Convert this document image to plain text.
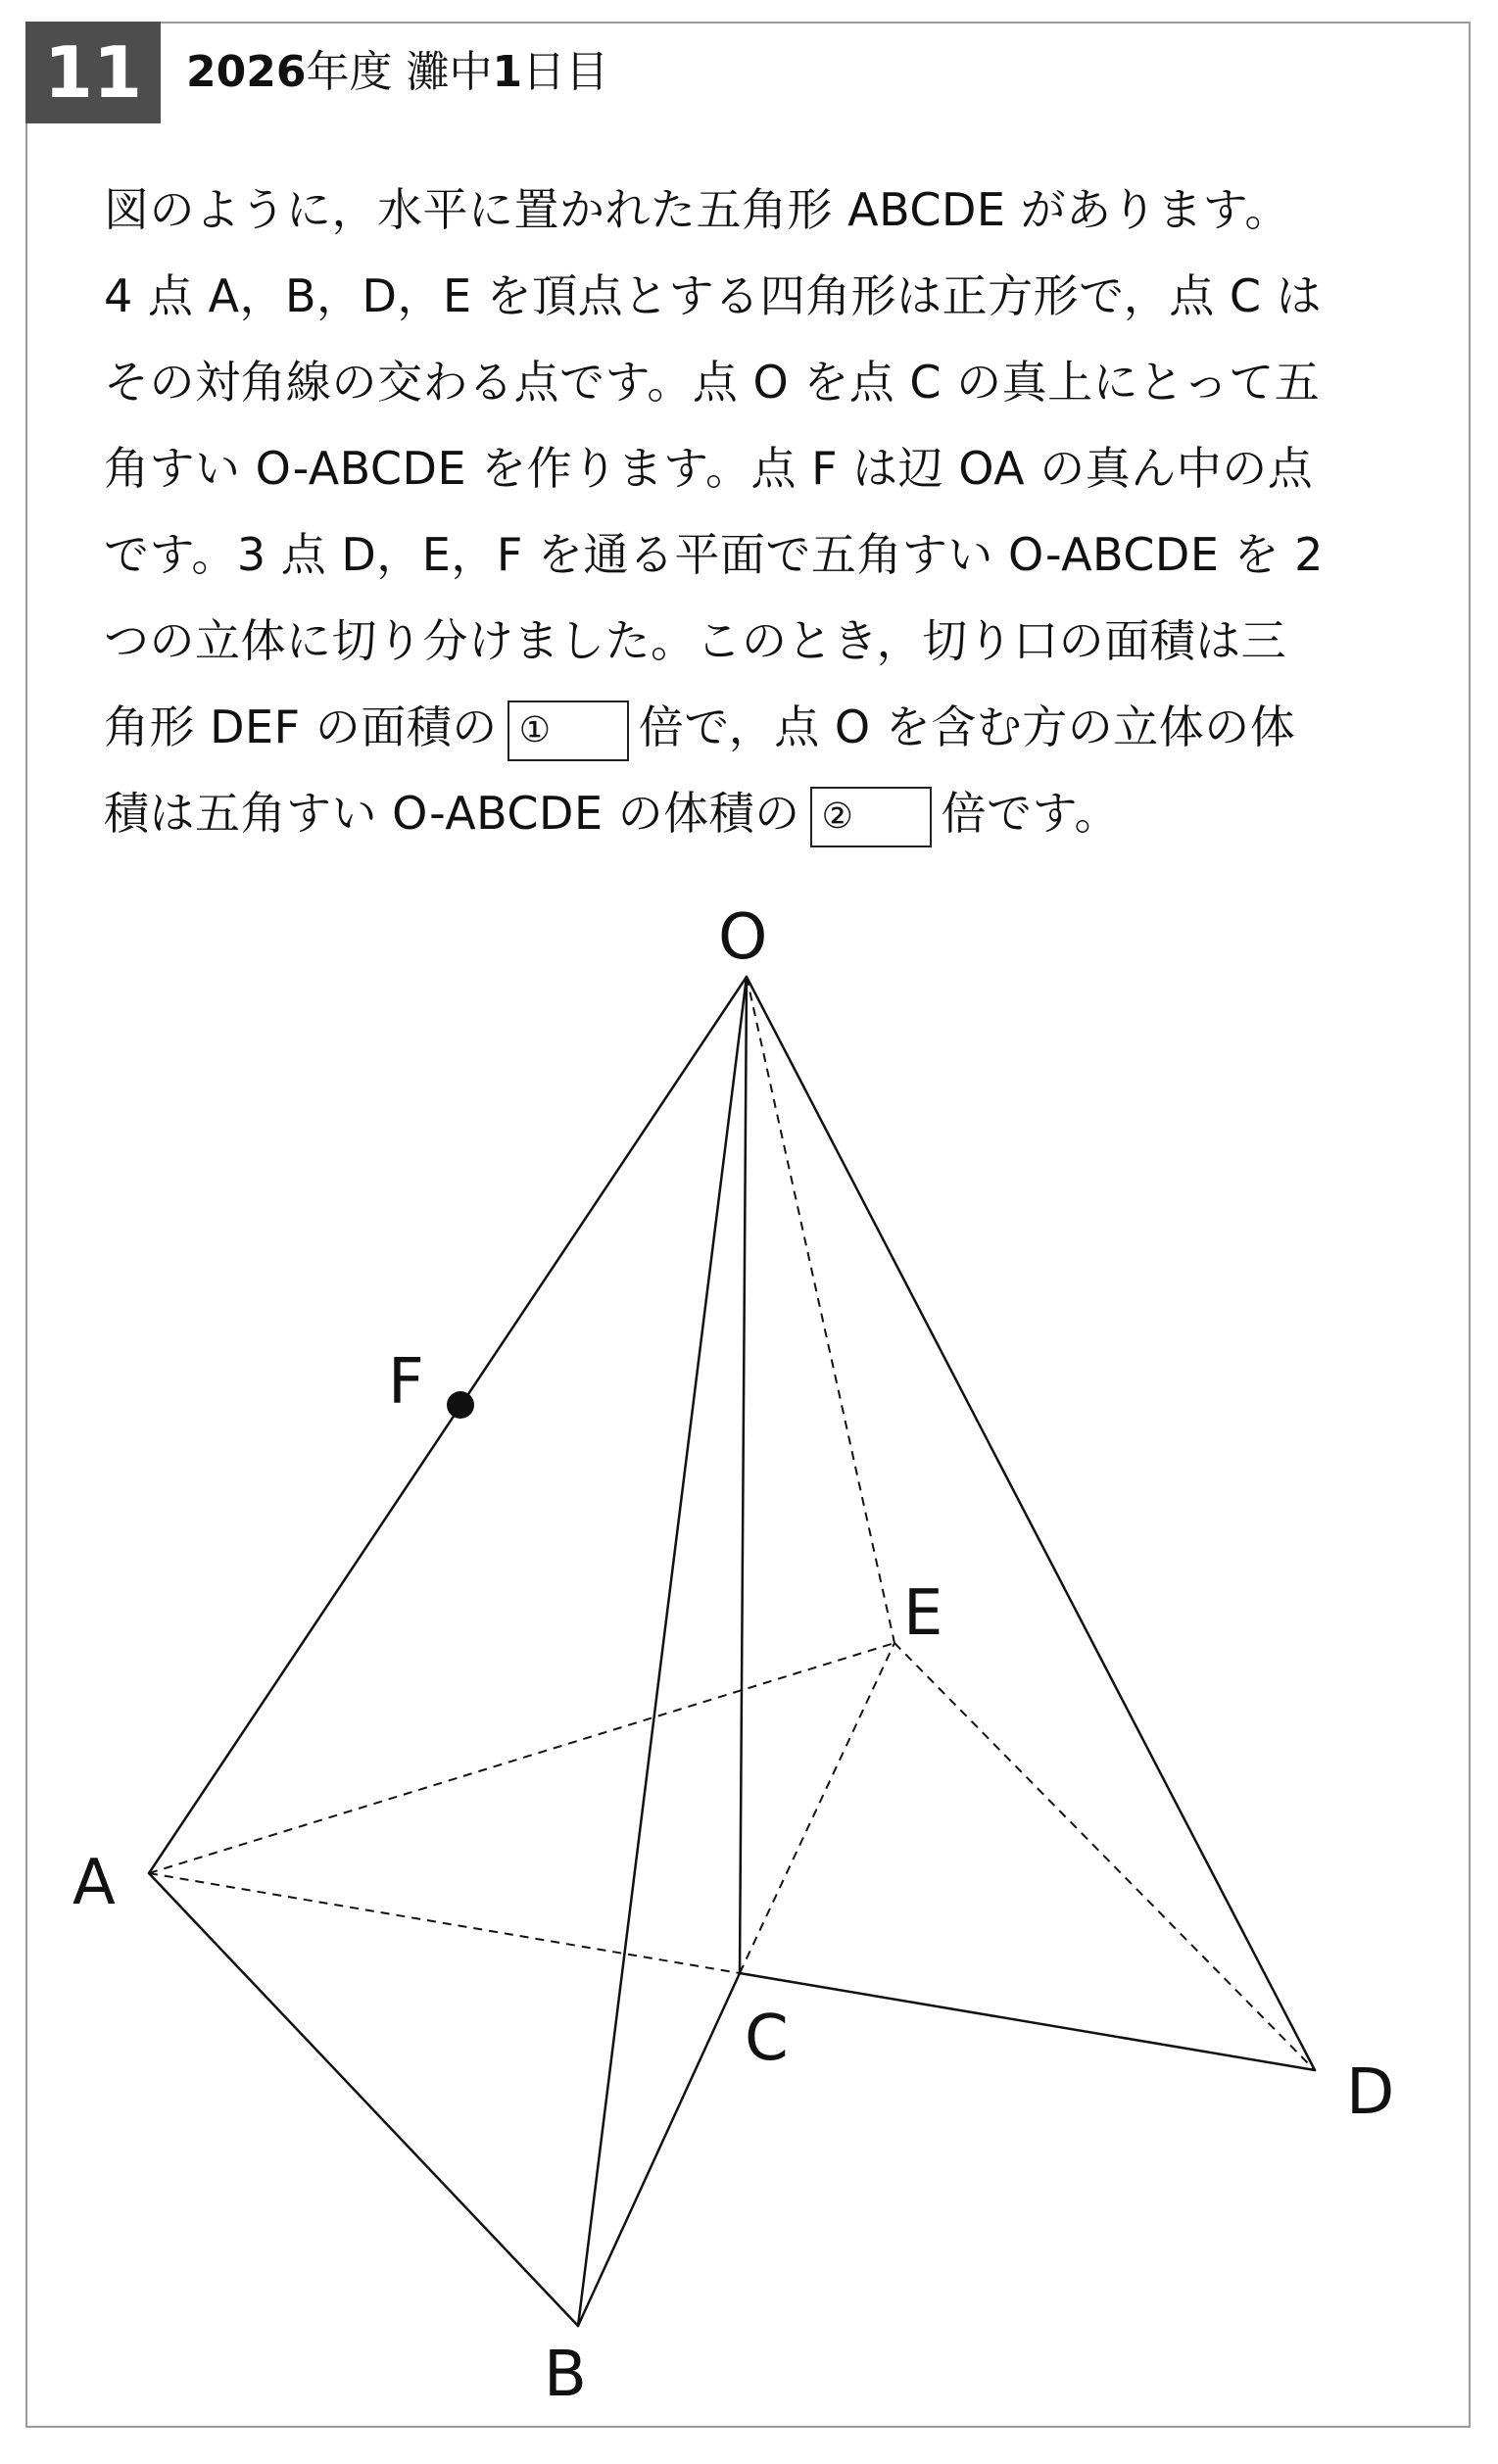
11	2026年度 灘中1日目
図のように，水平に置かれた五角形 ABCDE があります。
4 点 A，B，D，E を頂点とする四角形は正方形で，点 C は
その対角線の交わる点です。点 O を点 C の真上にとって五
角すい O-ABCDE を作ります。点 F は辺 OA の真ん中の点
です。3 点 D，E，F を通る平面で五角すい O-ABCDE を 2
つの立体に切り分けました。このとき，切り口の面積は三
角形 DEF の面積の ① 倍で，点 O を含む方の立体の体
積は五角すい O-ABCDE の体積の ② 倍です。
O
F
E
A
C
D
B
